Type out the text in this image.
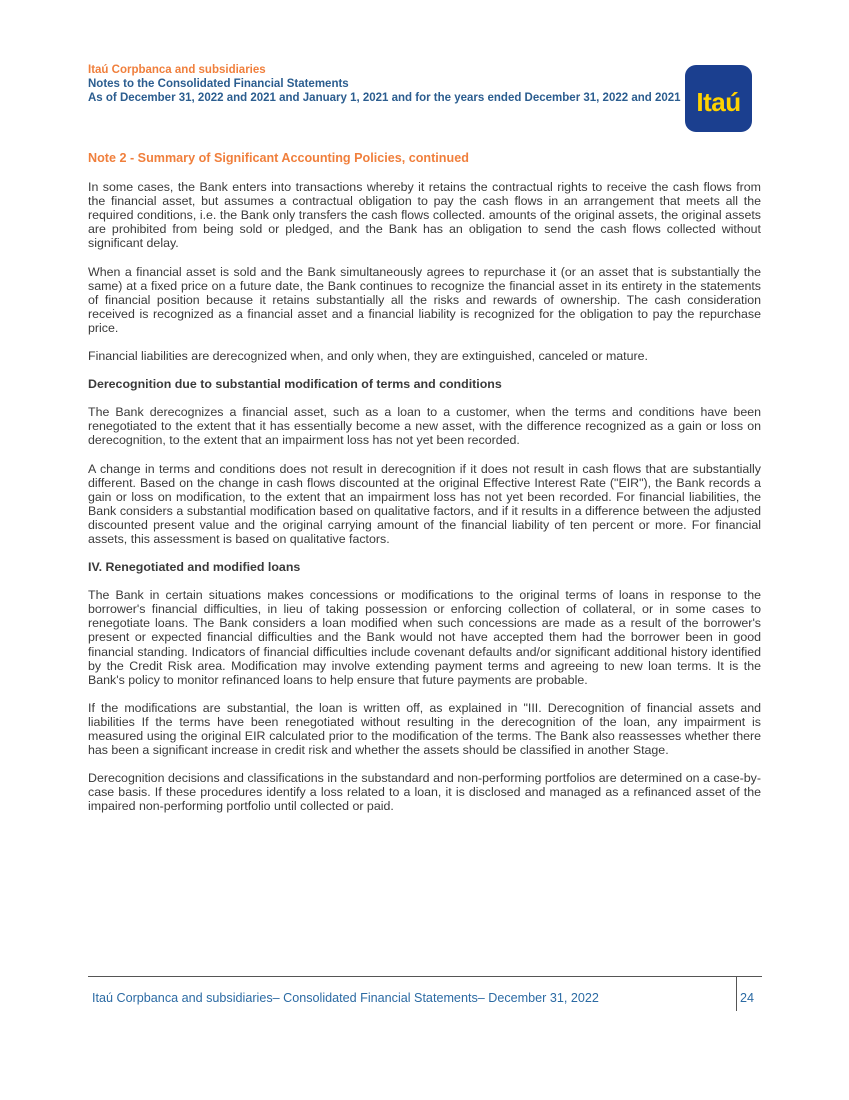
Itaú Corpbanca and subsidiaries
Notes to the Consolidated Financial Statements
As of December 31, 2022 and 2021 and January 1, 2021 and for the years ended December 31, 2022 and 2021 Itaú
Note 2 - Summary of Significant Accounting Policies, continued

In some cases, the Bank enters into transactions whereby it retains the contractual rights to receive the cash flows from the financial asset, but assumes a contractual obligation to pay the cash flows in an arrangement that meets all the required conditions, i.e. the Bank only transfers the cash flows collected. amounts of the original assets, the original assets are prohibited from being sold or pledged, and the Bank has an obligation to send the cash flows collected without significant delay.

When a financial asset is sold and the Bank simultaneously agrees to repurchase it (or an asset that is substantially the same) at a fixed price on a future date, the Bank continues to recognize the financial asset in its entirety in the statements of financial position because it retains substantially all the risks and rewards of ownership. The cash consideration received is recognized as a financial asset and a financial liability is recognized for the obligation to pay the repurchase price.

Financial liabilities are derecognized when, and only when, they are extinguished, canceled or mature.

Derecognition due to substantial modification of terms and conditions

The Bank derecognizes a financial asset, such as a loan to a customer, when the terms and conditions have been renegotiated to the extent that it has essentially become a new asset, with the difference recognized as a gain or loss on derecognition, to the extent that an impairment loss has not yet been recorded.

A change in terms and conditions does not result in derecognition if it does not result in cash flows that are substantially different. Based on the change in cash flows discounted at the original Effective Interest Rate ("EIR"), the Bank records a gain or loss on modification, to the extent that an impairment loss has not yet been recorded. For financial liabilities, the Bank considers a substantial modification based on qualitative factors, and if it results in a difference between the adjusted discounted present value and the original carrying amount of the financial liability of ten percent or more. For financial assets, this assessment is based on qualitative factors.

IV. Renegotiated and modified loans

The Bank in certain situations makes concessions or modifications to the original terms of loans in response to the borrower's financial difficulties, in lieu of taking possession or enforcing collection of collateral, or in some cases to renegotiate loans. The Bank considers a loan modified when such concessions are made as a result of the borrower's present or expected financial difficulties and the Bank would not have accepted them had the borrower been in good financial standing. Indicators of financial difficulties include covenant defaults and/or significant additional history identified by the Credit Risk area. Modification may involve extending payment terms and agreeing to new loan terms. It is the Bank's policy to monitor refinanced loans to help ensure that future payments are probable.

If the modifications are substantial, the loan is written off, as explained in "III. Derecognition of financial assets and liabilities If the terms have been renegotiated without resulting in the derecognition of the loan, any impairment is measured using the original EIR calculated prior to the modification of the terms. The Bank also reassesses whether there has been a significant increase in credit risk and whether the assets should be classified in another Stage.

Derecognition decisions and classifications in the substandard and non-performing portfolios are determined on a case-by-case basis. If these procedures identify a loss related to a loan, it is disclosed and managed as a refinanced asset of the impaired non-performing portfolio until collected or paid.

Itaú Corpbanca and subsidiaries– Consolidated Financial Statements– December 31, 2022	24
